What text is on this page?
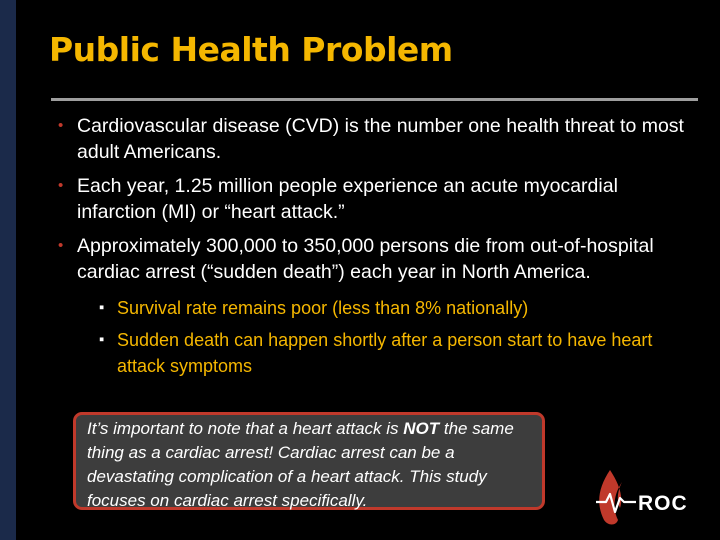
Public Health Problem
• Cardiovascular disease (CVD) is the number one health threat to most adult Americans.
• Each year, 1.25 million people experience an acute myocardial infarction (MI) or “heart attack.”
• Approximately 300,000 to 350,000 persons die from out-of-hospital cardiac arrest (“sudden death”) each year in North America.
▪ Survival rate remains poor (less than 8% nationally)
▪ Sudden death can happen shortly after a person start to have heart attack symptoms
It’s important to note that a heart attack is NOT the same thing as a cardiac arrest! Cardiac arrest can be a devastating complication of a heart attack. This study focuses on cardiac arrest specifically.	ROC
